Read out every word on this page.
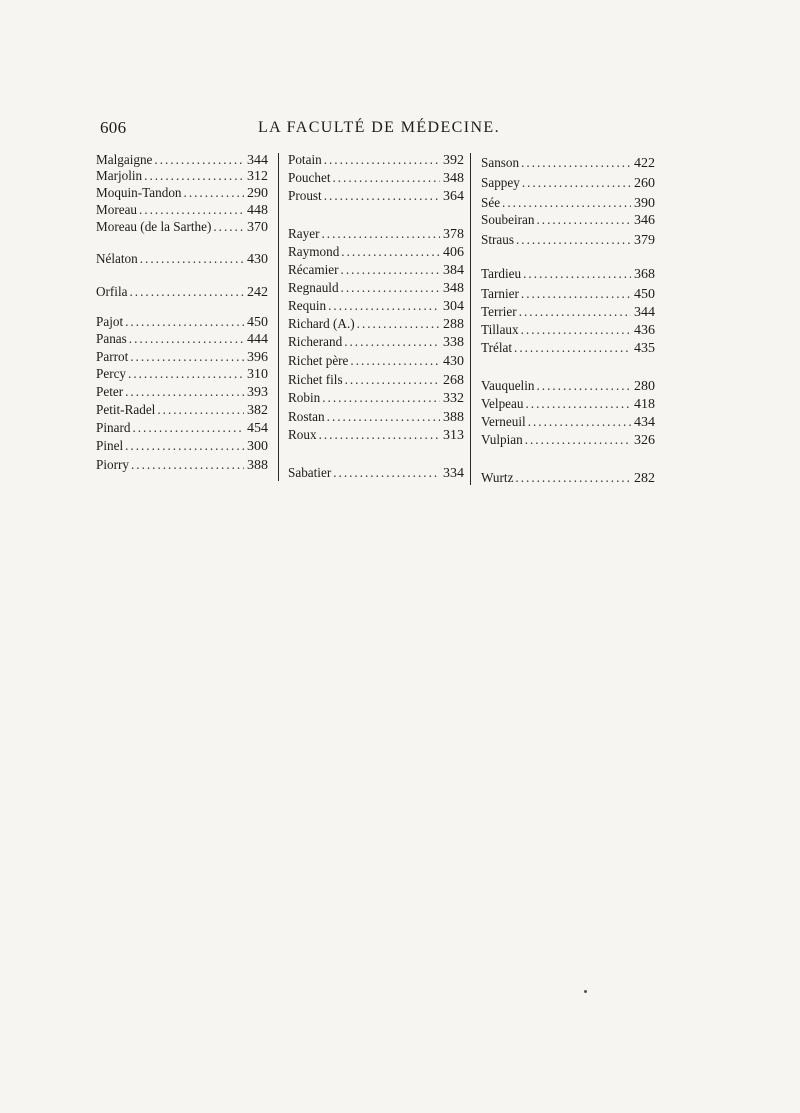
606	LA FACULTÉ DE MÉDECINE.
Malgaigne .....	344
Marjolin .....	312
Moquin-Tandon .....	290
Moreau .....	448
Moreau (de la Sarthe) .....	370
Nélaton .....	430
Orfila .....	242
Pajot .....	450
Panas .....	444
Parrot .....	396
Percy .....	310
Peter .....	393
Petit-Radel .....	382
Pinard .....	454
Pinel .....	300
Piorry .....	388
Potain .....	392
Pouchet .....	348
Proust .....	364
Rayer .....	378
Raymond .....	406
Récamier .....	384
Regnauld .....	348
Requin .....	304
Richard (A.) .....	288
Richerand .....	338
Richet père .....	430
Richet fils .....	268
Robin .....	332
Rostan .....	388
Roux .....	313
Sabatier .....	334
Sanson .....	422
Sappey .....	260
Sée .....	390
Soubeiran .....	346
Straus .....	379
Tardieu .....	368
Tarnier .....	450
Terrier .....	344
Tillaux .....	436
Trélat .....	435
Vauquelin .....	280
Velpeau .....	418
Verneuil .....	434
Vulpian .....	326
Wurtz .....	282
